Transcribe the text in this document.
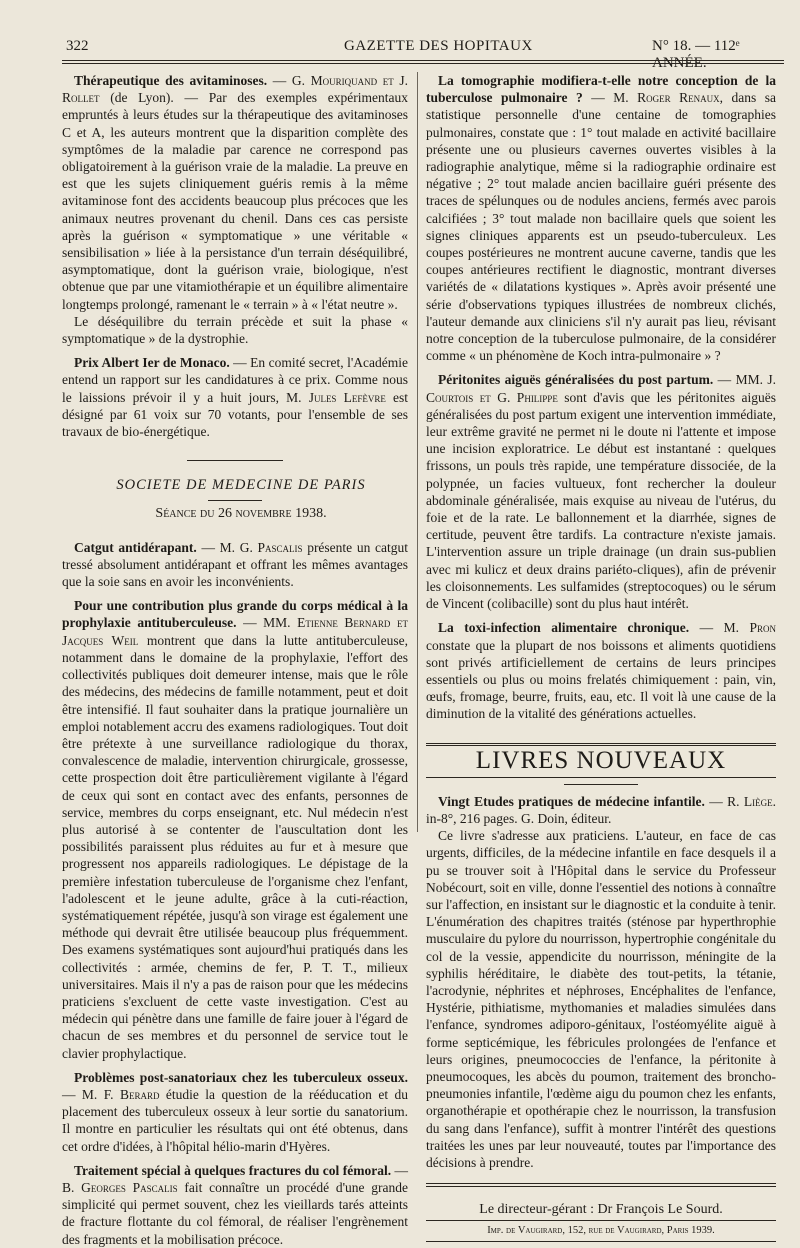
322	GAZETTE DES HOPITAUX	N° 18. — 112ᵉ ANNÉE.

Thérapeutique des avitaminoses. — G. Mouriquand et J. Rollet (de Lyon). — Par des exemples expérimentaux empruntés à leurs études sur la thérapeutique des avitaminoses C et A, les auteurs montrent que la disparition complète des symptômes de la maladie par carence ne correspond pas obligatoirement à la guérison vraie de la maladie. La preuve en est que les sujets cliniquement guéris remis à la même avitaminose font des accidents beaucoup plus précoces que les animaux neutres provenant du chenil. Dans ces cas persiste après la guérison « symptomatique » une véritable « sensibilisation » liée à la persistance d'un terrain déséquilibré, asymptomatique, dont la guérison vraie, biologique, n'est obtenue que par une vitamiothérapie et un équilibre alimentaire longtemps prolongé, ramenant le « terrain » à « l'état neutre ».

Le déséquilibre du terrain précède et suit la phase « symptomatique » de la dystrophie.

Prix Albert Ier de Monaco. — En comité secret, l'Académie entend un rapport sur les candidatures à ce prix. Comme nous le laissions prévoir il y a huit jours, M. Jules Lefèvre est désigné par 61 voix sur 70 votants, pour l'ensemble de ses travaux de bio-énergétique.

SOCIETE DE MEDECINE DE PARIS

Séance du 26 novembre 1938.

Catgut antidérapant. — M. G. Pascalis présente un catgut tressé absolument antidérapant et offrant les mêmes avantages que la soie sans en avoir les inconvénients.

Pour une contribution plus grande du corps médical à la prophylaxie antituberculeuse. — MM. Etienne Bernard et Jacques Weil montrent que dans la lutte antituberculeuse, notamment dans le domaine de la prophylaxie, l'effort des collectivités publiques doit demeurer intense, mais que le rôle des médecins, des médecins de famille notamment, peut et doit être intensifié. Il faut souhaiter dans la pratique journalière un emploi notablement accru des examens radiologiques. Tout doit être prétexte à une surveillance radiologique du thorax, convalescence de maladie, intervention chirurgicale, grossesse, cette prospection doit être particulièrement vigilante à l'égard de ceux qui sont en contact avec des enfants, personnes de service, membres du corps enseignant, etc. Nul médecin n'est plus autorisé à se contenter de l'auscultation dont les possibilités paraissent plus réduites au fur et à mesure que progressent nos appareils radiologiques. Le dépistage de la première infestation tuberculeuse de l'organisme chez l'enfant, l'adolescent et le jeune adulte, grâce à la cuti-réaction, systématiquement répétée, jusqu'à son virage est également une méthode qui devrait être utilisée beaucoup plus fréquemment. Des examens systématiques sont aujourd'hui pratiqués dans les collectivités : armée, chemins de fer, P. T. T., milieux universitaires. Mais il n'y a pas de raison pour que les médecins praticiens s'excluent de cette vaste investigation. C'est au médecin qui pénètre dans une famille de faire jouer à l'égard de chacun de ses membres et du personnel de service tout le clavier prophylactique.

Problèmes post-sanatoriaux chez les tuberculeux osseux. — M. F. Berard étudie la question de la rééducation et du placement des tuberculeux osseux à leur sortie du sanatorium. Il montre en particulier les résultats qui ont été obtenus, dans cet ordre d'idées, à l'hôpital hélio-marin d'Hyères.

Traitement spécial à quelques fractures du col fémoral. — B. Georges Pascalis fait connaître un procédé d'une grande simplicité qui permet souvent, chez les vieillards tarés atteints de fracture flottante du col fémoral, de réaliser l'engrènement des fragments et la mobilisation précoce.

La tomographie modifiera-t-elle notre conception de la tuberculose pulmonaire ? — M. Roger Renaux, dans sa statistique personnelle d'une centaine de tomographies pulmonaires, constate que : 1° tout malade en activité bacillaire présente une ou plusieurs cavernes ouvertes visibles à la radiographie analytique, même si la radiographie ordinaire est négative ; 2° tout malade ancien bacillaire guéri présente des traces de spélunques ou de nodules anciens, fermés avec parois calcifiées ; 3° tout malade non bacillaire quels que soient les signes cliniques apparents est un pseudo-tuberculeux. Les coupes postérieures ne montrent aucune caverne, tandis que les coupes antérieures rectifient le diagnostic, montrant diverses variétés de « dilatations kystiques ». Après avoir présenté une série d'observations typiques illustrées de nombreux clichés, l'auteur demande aux cliniciens s'il n'y aurait pas lieu, révisant notre conception de la tuberculose pulmonaire, de la considérer comme « un phénomène de Koch intra-pulmonaire » ?

Péritonites aiguës généralisées du post partum. — MM. J. Courtois et G. Philippe sont d'avis que les péritonites aiguës généralisées du post partum exigent une intervention immédiate, leur extrême gravité ne permet ni le doute ni l'attente et impose une incision exploratrice. Le début est instantané : quelques frissons, un pouls très rapide, une température dissociée, de la polypnée, un facies vultueux, font rechercher la douleur abdominale généralisée, mais exquise au niveau de l'utérus, du foie et de la rate. Le ballonnement et la diarrhée, signes de certitude, peuvent être tardifs. La contracture n'existe jamais. L'intervention assure un triple drainage (un drain sus-publien avec mi kulicz et deux drains pariéto-cliques), afin de prévenir les cloisonnements. Les sulfamides (streptocoques) ou le sérum de Vincent (colibacille) sont du plus haut intérêt.

La toxi-infection alimentaire chronique. — M. Pron constate que la plupart de nos boissons et aliments quotidiens sont privés artificiellement de certains de leurs principes essentiels ou plus ou moins frelatés chimiquement : pain, vin, œufs, fromage, beurre, fruits, eau, etc. Il voit là une cause de la diminution de la vitalité des générations actuelles.

LIVRES NOUVEAUX

Vingt Etudes pratiques de médecine infantile. — R. Liège. in-8°, 216 pages. G. Doin, éditeur.

Ce livre s'adresse aux praticiens. L'auteur, en face de cas urgents, difficiles, de la médecine infantile en face desquels il a pu se trouver soit à l'Hôpital dans le service du Professeur Nobécourt, soit en ville, donne l'essentiel des notions à connaître sur l'affection, en insistant sur le diagnostic et la conduite à tenir. L'énumération des chapitres traités (sténose par hyperthrophie musculaire du pylore du nourrisson, hypertrophie congénitale du col de la vessie, appendicite du nourrisson, méningite de la syphilis héréditaire, le diabète des tout-petits, la tétanie, l'acrodynie, néphrites et néphroses, Encéphalites de l'enfance, Hystérie, pithiatisme, mythomanies et maladies simulées dans l'enfance, syndromes adiporo-génitaux, l'ostéomyélite aiguë à forme septicémique, les fébricules prolongées de l'enfance et leurs origines, pneumococcies de l'enfance, la péritonite à pneumocoques, les abcès du poumon, traitement des broncho-pneumonies infantile, l'œdème aigu du poumon chez les enfants, organothérapie et opothérapie chez le nourrisson, la transfusion du sang dans l'enfance), suffit à montrer l'intérêt des questions traitées les unes par leur nouveauté, toutes par l'importance des décisions à prendre.

Le directeur-gérant : Dr François Le Sourd.

Imp. de Vaugirard, 152, rue de Vaugirard, Paris 1939.
